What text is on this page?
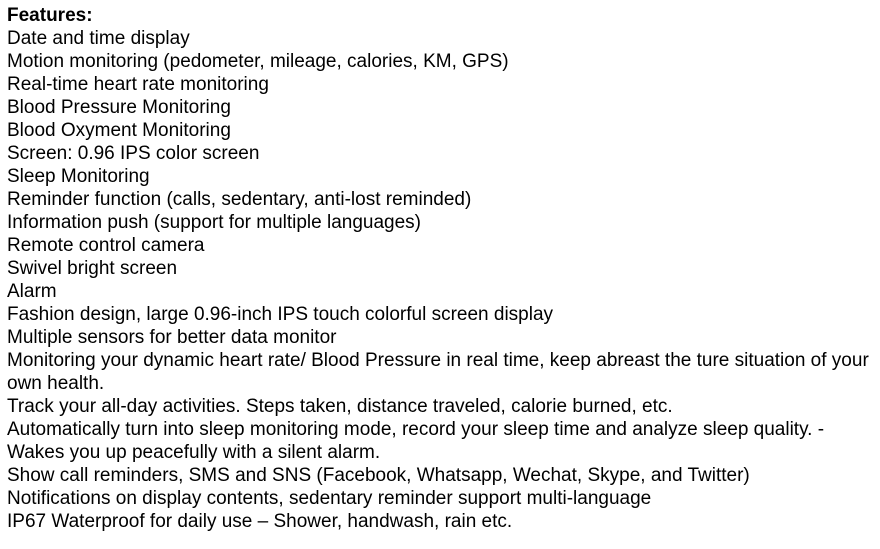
Features:
Date and time display
Motion monitoring (pedometer, mileage, calories, KM, GPS)
Real-time heart rate monitoring
Blood Pressure Monitoring
Blood Oxyment Monitoring
Screen: 0.96 IPS color screen
Sleep Monitoring
Reminder function (calls, sedentary, anti-lost reminded)
Information push (support for multiple languages)
Remote control camera
Swivel bright screen
Alarm
Fashion design, large 0.96-inch IPS touch colorful screen display
Multiple sensors for better data monitor
Monitoring your dynamic heart rate/ Blood Pressure in real time, keep abreast the ture situation of your own health.
Track your all-day activities. Steps taken, distance traveled, calorie burned, etc.
Automatically turn into sleep monitoring mode, record your sleep time and analyze sleep quality. - Wakes you up peacefully with a silent alarm.
Show call reminders, SMS and SNS (Facebook, Whatsapp, Wechat, Skype, and Twitter)
Notifications on display contents, sedentary reminder support multi-language
IP67 Waterproof for daily use – Shower, handwash, rain etc.
